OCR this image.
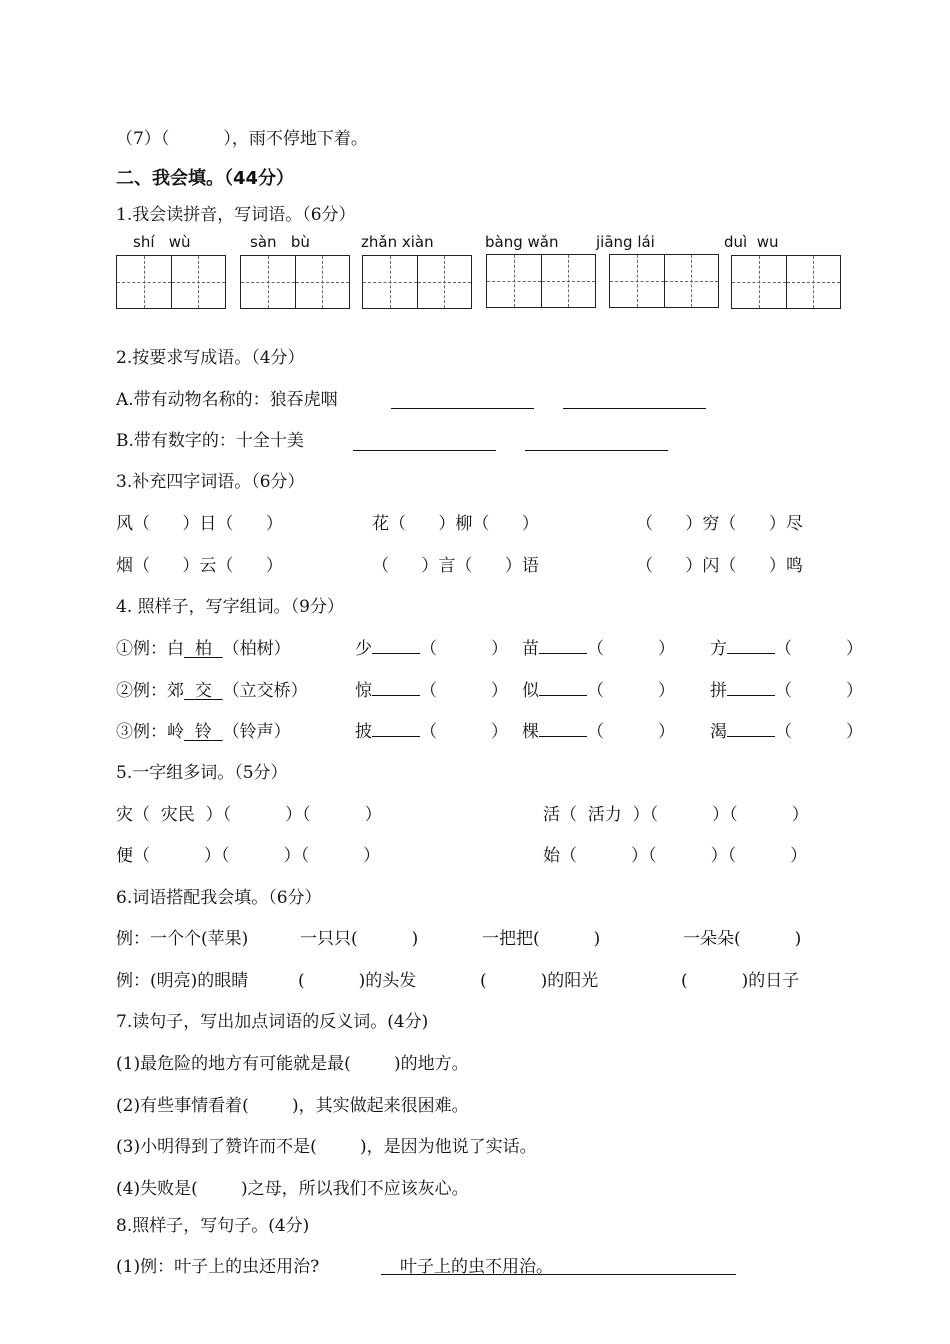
（7）（          ），雨不停地下着。
二、我会填。（44分）
1.我会读拼音，写词语。（6分）
shí   wù	sàn   bù	zhǎn xiàn	bàng wǎn	jiāng lái	duì  wu
2.按要求写成语。（4分）
A.带有动物名称的：狼吞虎咽
B.带有数字的：十全十美
3.补充四字词语。（6分）
风（      ）日（      ）	花（      ）柳（      ）	（      ）穷（      ）尽
烟（      ）云（      ）	（      ）言（      ）语	（      ）闪（      ）鸣
4. 照样子，写字组词。（9分）
①例：白 柏 （柏树）	少	（          ） 苗	（          ） 方	（          ）
②例：郊 交 （立交桥）	惊	（          ） 似	（          ） 拼	（          ）
③例：岭 铃 （铃声）	披	（          ） 棵	（          ） 渴	（          ）
5.一字组多词。（5分）
灾（  灾民  ）（          ）（          ）	活（  活力  ）（          ）（          ）
便（          ）（          ）（          ）	始（          ）（          ）（          ）
6.词语搭配我会填。（6分）
例：一个个(苹果)	一只只(          )	一把把(          )	一朵朵(          )
例：(明亮)的眼睛	(          )的头发	(          )的阳光	(          )的日子
7.读句子，写出加点词语的反义词。(4分)
(1)最危险的地方有可能就是最(        )的地方。
(2)有些事情看着(        )，其实做起来很困难。
(3)小明得到了赞许而不是(        )，是因为他说了实话。
(4)失败是(        )之母，所以我们不应该灰心。
8.照样子，写句子。(4分)
(1)例：叶子上的虫还用治?	叶子上的虫不用治。
